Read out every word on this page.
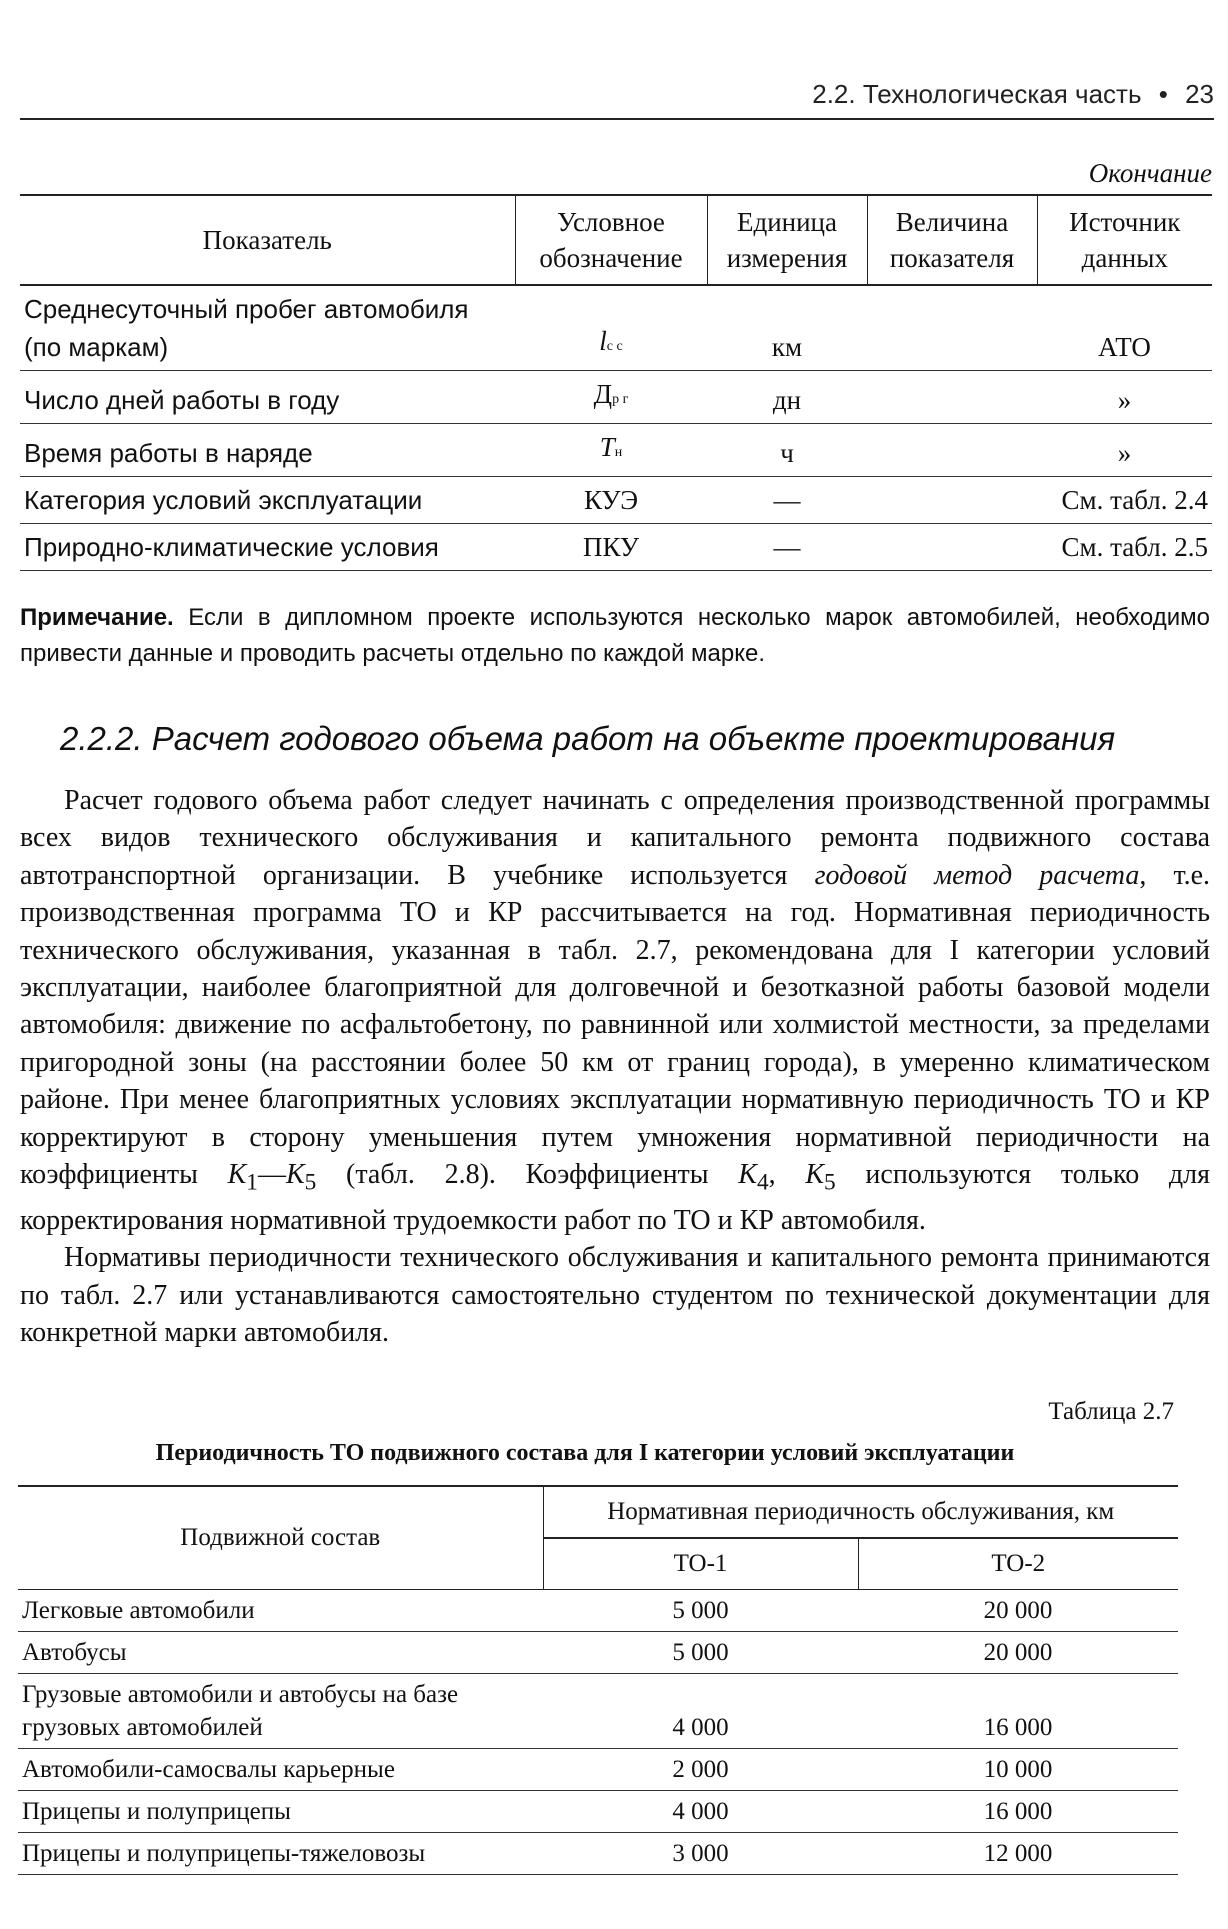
2.2. Технологическая часть • 23
Окончание
Показатель	Условное обозначение	Единица измерения	Величина показателя	Источник данных
Среднесуточный пробег автомобиля (по маркам)	lс с	км		АТО
Число дней работы в году	Др г	дн		»
Время работы в наряде	Tн	ч		»
Категория условий эксплуатации	КУЭ	—		См. табл. 2.4
Природно-климатические условия	ПКУ	—		См. табл. 2.5
Примечание. Если в дипломном проекте используются несколько марок автомобилей, необходимо привести данные и проводить расчеты отдельно по каждой марке.
2.2.2. Расчет годового объема работ на объекте проектирования

Расчет годового объема работ следует начинать с определения производственной программы всех видов технического обслуживания и капитального ремонта подвижного состава автотранспортной организации. В учебнике используется годовой метод расчета, т.е. производственная программа ТО и КР рассчитывается на год. Нормативная периодичность технического обслуживания, указанная в табл. 2.7, рекомендована для I категории условий эксплуатации, наиболее благоприятной для долговечной и безотказной работы базовой модели автомобиля: движение по асфальтобетону, по равнинной или холмистой местности, за пределами пригородной зоны (на расстоянии более 50 км от границ города), в умеренно климатическом районе. При менее благоприятных условиях эксплуатации нормативную периодичность ТО и КР корректируют в сторону уменьшения путем умножения нормативной периодичности на коэффициенты $K_1—K_5$ (табл. 2.8). Коэффициенты $K_4$, $K_5$ используются только для корректирования нормативной трудоемкости работ по ТО и КР автомобиля.

Нормативы периодичности технического обслуживания и капитального ремонта принимаются по табл. 2.7 или устанавливаются самостоятельно студентом по технической документации для конкретной марки автомобиля.

Таблица 2.7
Периодичность ТО подвижного состава для I категории условий эксплуатации
Подвижной состав	Нормативная периодичность обслуживания, км	
	ТО-1	ТО-2
Легковые автомобили	5 000	20 000
Автобусы	5 000	20 000
Грузовые автомобили и автобусы на базе грузовых автомобилей	4 000	16 000
Автомобили-самосвалы карьерные	2 000	10 000
Прицепы и полуприцепы	4 000	16 000
Прицепы и полуприцепы-тяжеловозы	3 000	12 000
